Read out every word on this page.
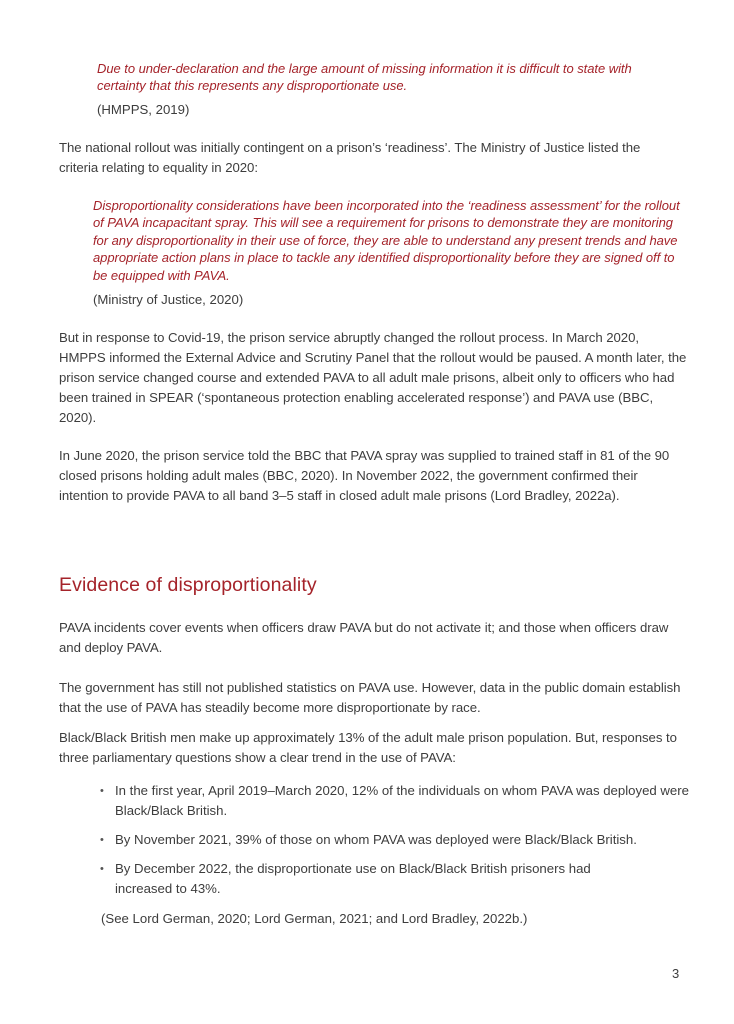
Due to under-declaration and the large amount of missing information it is difficult to state with certainty that this represents any disproportionate use.

(HMPPS, 2019)

The national rollout was initially contingent on a prison’s ‘readiness’. The Ministry of Justice listed the criteria relating to equality in 2020:

Disproportionality considerations have been incorporated into the ‘readiness assessment’ for the rollout of PAVA incapacitant spray. This will see a requirement for prisons to demonstrate they are monitoring for any disproportionality in their use of force, they are able to understand any present trends and have appropriate action plans in place to tackle any identified disproportionality before they are signed off to be equipped with PAVA.

(Ministry of Justice, 2020)

But in response to Covid-19, the prison service abruptly changed the rollout process. In March 2020, HMPPS informed the External Advice and Scrutiny Panel that the rollout would be paused. A month later, the prison service changed course and extended PAVA to all adult male prisons, albeit only to officers who had been trained in SPEAR (‘spontaneous protection enabling accelerated response’) and PAVA use (BBC, 2020).

In June 2020, the prison service told the BBC that PAVA spray was supplied to trained staff in 81 of the 90 closed prisons holding adult males (BBC, 2020). In November 2022, the government confirmed their intention to provide PAVA to all band 3–5 staff in closed adult male prisons (Lord Bradley, 2022a).

Evidence of disproportionality

PAVA incidents cover events when officers draw PAVA but do not activate it; and those when officers draw and deploy PAVA.

The government has still not published statistics on PAVA use. However, data in the public domain establish that the use of PAVA has steadily become more disproportionate by race.

Black/Black British men make up approximately 13% of the adult male prison population. But, responses to three parliamentary questions show a clear trend in the use of PAVA:

• In the first year, April 2019–March 2020, 12% of the individuals on whom PAVA was deployed were Black/Black British.
• By November 2021, 39% of those on whom PAVA was deployed were Black/Black British.
• By December 2022, the disproportionate use on Black/Black British prisoners had increased to 43%.

(See Lord German, 2020; Lord German, 2021; and Lord Bradley, 2022b.)

3
